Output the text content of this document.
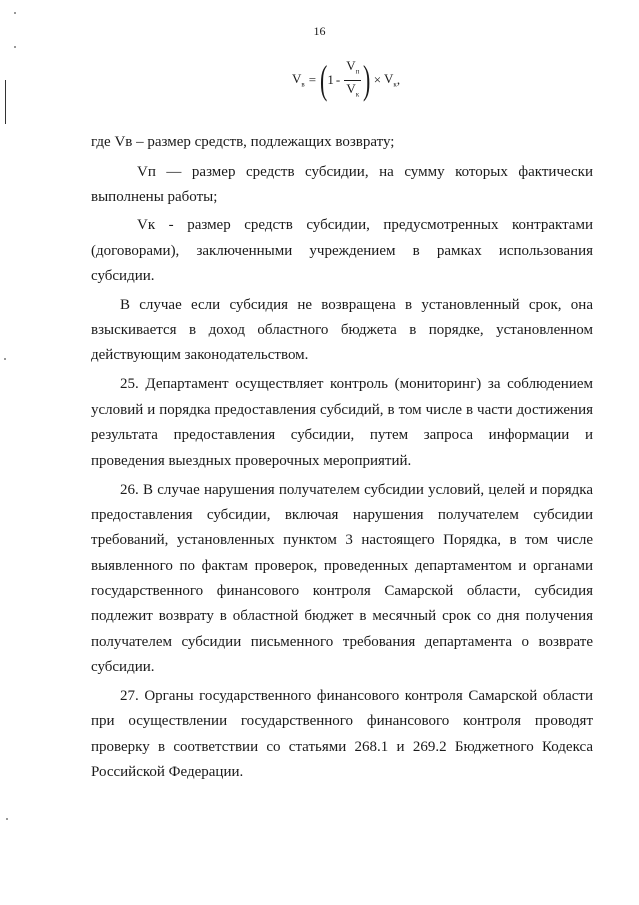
16
$V_в$ = ( $1 - \frac{V_п}{V_к}$ ) × $V_к$ ,
где Vв – размер средств, подлежащих возврату;
Vп — размер средств субсидии, на сумму которых фактически
выполнены работы;
Vк - размер средств субсидии, предусмотренных контрактами
(договорами), заключенными учреждением в рамках использования
субсидии.
В случае если субсидия не возвращена в установленный срок, она
взыскивается в доход областного бюджета в порядке, установленном
действующим законодательством.
25. Департамент осуществляет контроль (мониторинг) за соблюдением
условий и порядка предоставления субсидий, в том числе в части достижения
результата предоставления субсидии, путем запроса информации и
проведения выездных проверочных мероприятий.
26. В случае нарушения получателем субсидии условий, целей и порядка
предоставления субсидии, включая нарушения получателем субсидии
требований, установленных пунктом 3 настоящего Порядка, в том числе
выявленного по фактам проверок, проведенных департаментом и органами
государственного финансового контроля Самарской области, субсидия
подлежит возврату в областной бюджет в месячный срок со дня получения
получателем субсидии письменного требования департамента о возврате
субсидии.
27. Органы государственного финансового контроля Самарской области
при осуществлении государственного финансового контроля проводят
проверку в соответствии со статьями 268.1 и 269.2 Бюджетного Кодекса
Российской Федерации.
